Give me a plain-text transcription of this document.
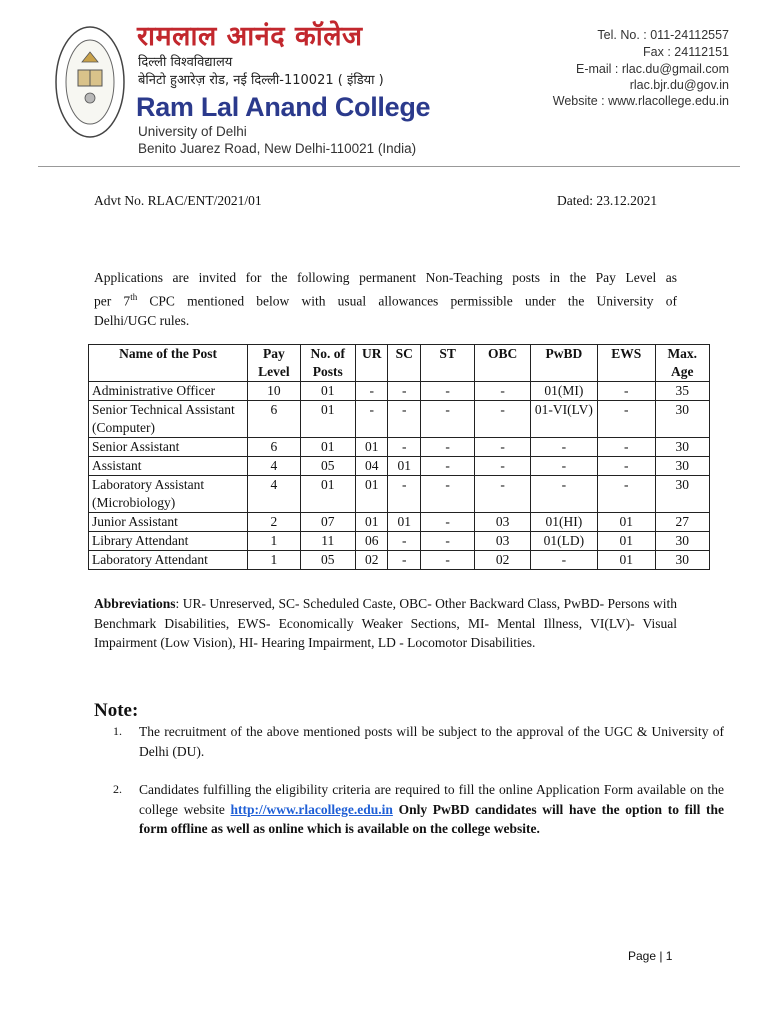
रामलाल आनंद कॉलेज
दिल्ली विश्वविद्यालय
बेनिटो हुआरेज़ रोड, नई दिल्ली-110021 ( इंडिया )
Ram Lal Anand College
University of Delhi
Benito Juarez Road, New Delhi-110021 (India)
Tel. No. : 011-24112557
Fax : 24112151
E-mail : rlac.du@gmail.com
rlac.bjr.du@gov.in
Website : www.rlacollege.edu.in
Advt No. RLAC/ENT/2021/01	Dated: 23.12.2021
Applications are invited for the following permanent Non-Teaching posts in the Pay Level as
per 7th CPC mentioned below with usual allowances permissible under the University of
Delhi/UGC rules.
Name of the Post	Pay Level	No. of Posts	UR	SC	ST	OBC	PwBD	EWS	Max. Age
Administrative Officer	10	01	-	-	-	-	01(MI)	-	35
Senior Technical Assistant (Computer)	6	01	-	-	-	-	01-VI(LV)	-	30
Senior Assistant	6	01	01	-	-	-	-	-	30
Assistant	4	05	04	01	-	-	-	-	30
Laboratory Assistant (Microbiology)	4	01	01	-	-	-	-	-	30
Junior Assistant	2	07	01	01	-	03	01(HI)	01	27
Library Attendant	1	11	06	-	-	03	01(LD)	01	30
Laboratory Attendant	1	05	02	-	-	02	-	01	30
Abbreviations: UR- Unreserved, SC- Scheduled Caste, OBC- Other Backward Class, PwBD- Persons with Benchmark Disabilities, EWS- Economically Weaker Sections, MI- Mental Illness, VI(LV)- Visual Impairment (Low Vision), HI- Hearing Impairment, LD - Locomotor Disabilities.
Note:
1. The recruitment of the above mentioned posts will be subject to the approval of the UGC & University of Delhi (DU).
2. Candidates fulfilling the eligibility criteria are required to fill the online Application Form available on the college website http://www.rlacollege.edu.in Only PwBD candidates will have the option to fill the form offline as well as online which is available on the college website.
Page | 1
